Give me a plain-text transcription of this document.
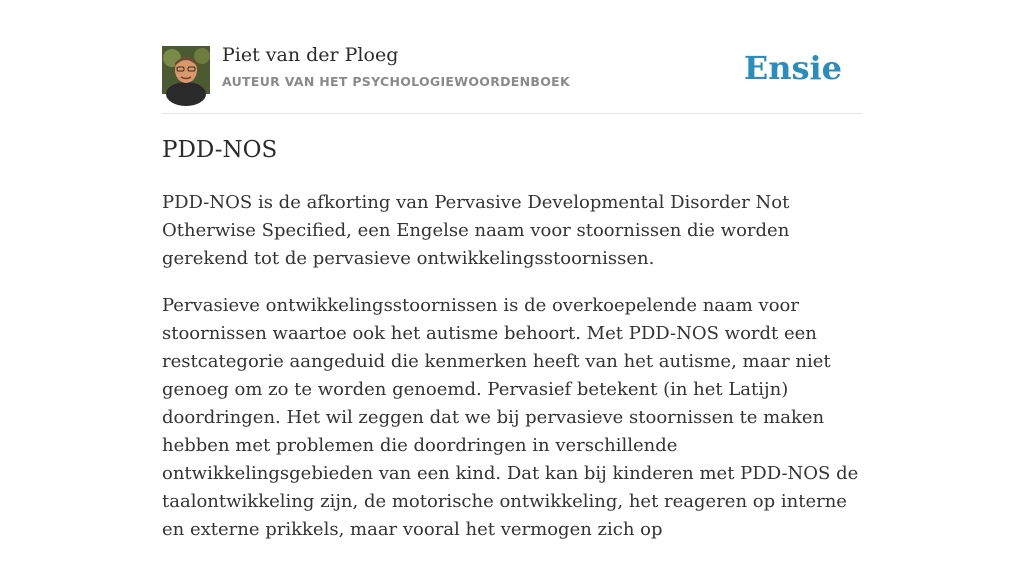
Piet van der Ploeg
AUTEUR VAN HET PSYCHOLOGIEWOORDENBOEK	Ensie
PDD-NOS

PDD-NOS is de afkorting van Pervasive Developmental Disorder Not Otherwise Specified, een Engelse naam voor stoornissen die worden gerekend tot de pervasieve ontwikkelingsstoornissen.

Pervasieve ontwikkelingsstoornissen is de overkoepelende naam voor stoornissen waartoe ook het autisme behoort. Met PDD-NOS wordt een restcategorie aangeduid die kenmerken heeft van het autisme, maar niet genoeg om zo te worden genoemd. Pervasief betekent (in het Latijn) doordringen. Het wil zeggen dat we bij pervasieve stoornissen te maken hebben met problemen die doordringen in verschillende ontwikkelingsgebieden van een kind. Dat kan bij kinderen met PDD-NOS de taalontwikkeling zijn, de motorische ontwikkeling, het reageren op interne en externe prikkels, maar vooral het vermogen zich op
